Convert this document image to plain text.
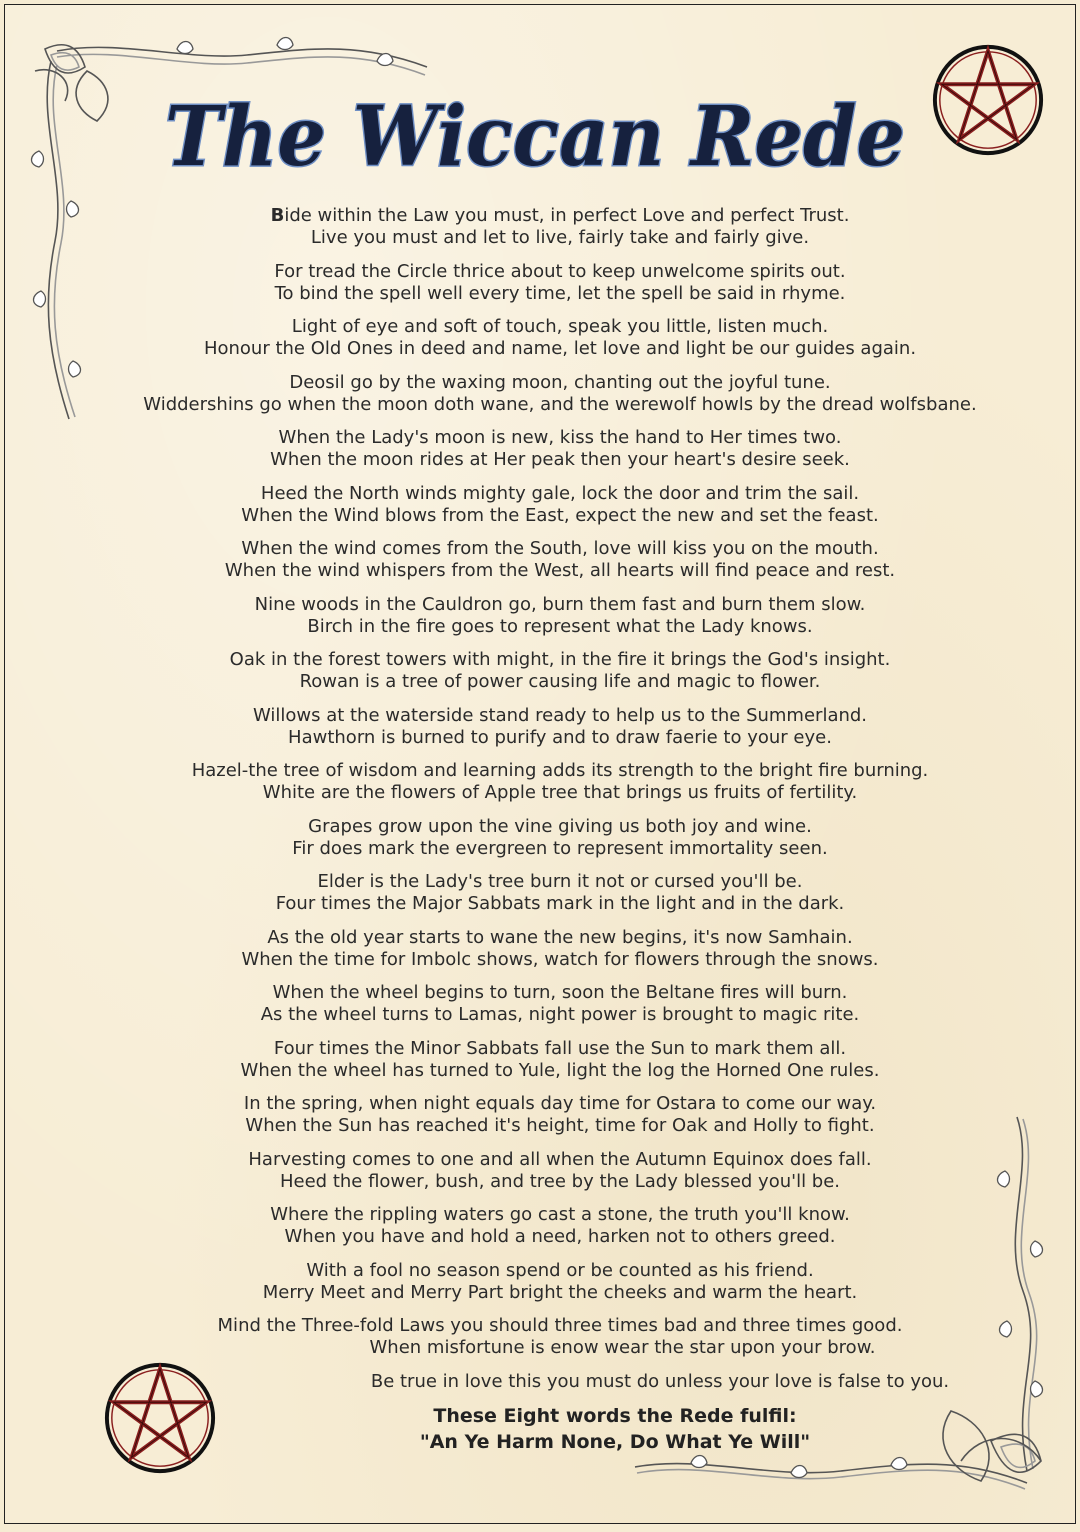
The Wiccan Rede
Bide within the Law you must, in perfect Love and perfect Trust.
Live you must and let to live, fairly take and fairly give.
For tread the Circle thrice about to keep unwelcome spirits out.
To bind the spell well every time, let the spell be said in rhyme.
Light of eye and soft of touch, speak you little, listen much.
Honour the Old Ones in deed and name, let love and light be our guides again.
Deosil go by the waxing moon, chanting out the joyful tune.
Widdershins go when the moon doth wane, and the werewolf howls by the dread wolfsbane.
When the Lady's moon is new, kiss the hand to Her times two.
When the moon rides at Her peak then your heart's desire seek.
Heed the North winds mighty gale, lock the door and trim the sail.
When the Wind blows from the East, expect the new and set the feast.
When the wind comes from the South, love will kiss you on the mouth.
When the wind whispers from the West, all hearts will find peace and rest.
Nine woods in the Cauldron go, burn them fast and burn them slow.
Birch in the fire goes to represent what the Lady knows.
Oak in the forest towers with might, in the fire it brings the God's insight.
Rowan is a tree of power causing life and magic to flower.
Willows at the waterside stand ready to help us to the Summerland.
Hawthorn is burned to purify and to draw faerie to your eye.
Hazel-the tree of wisdom and learning adds its strength to the bright fire burning.
White are the flowers of Apple tree that brings us fruits of fertility.
Grapes grow upon the vine giving us both joy and wine.
Fir does mark the evergreen to represent immortality seen.
Elder is the Lady's tree burn it not or cursed you'll be.
Four times the Major Sabbats mark in the light and in the dark.
As the old year starts to wane the new begins, it's now Samhain.
When the time for Imbolc shows, watch for flowers through the snows.
When the wheel begins to turn, soon the Beltane fires will burn.
As the wheel turns to Lamas, night power is brought to magic rite.
Four times the Minor Sabbats fall use the Sun to mark them all.
When the wheel has turned to Yule, light the log the Horned One rules.
In the spring, when night equals day time for Ostara to come our way.
When the Sun has reached it's height, time for Oak and Holly to fight.
Harvesting comes to one and all when the Autumn Equinox does fall.
Heed the flower, bush, and tree by the Lady blessed you'll be.
Where the rippling waters go cast a stone, the truth you'll know.
When you have and hold a need, harken not to others greed.
With a fool no season spend or be counted as his friend.
Merry Meet and Merry Part bright the cheeks and warm the heart.
Mind the Three-fold Laws you should three times bad and three times good.
When misfortune is enow wear the star upon your brow.
Be true in love this you must do unless your love is false to you.
These Eight words the Rede fulfil:
"An Ye Harm None, Do What Ye Will"
